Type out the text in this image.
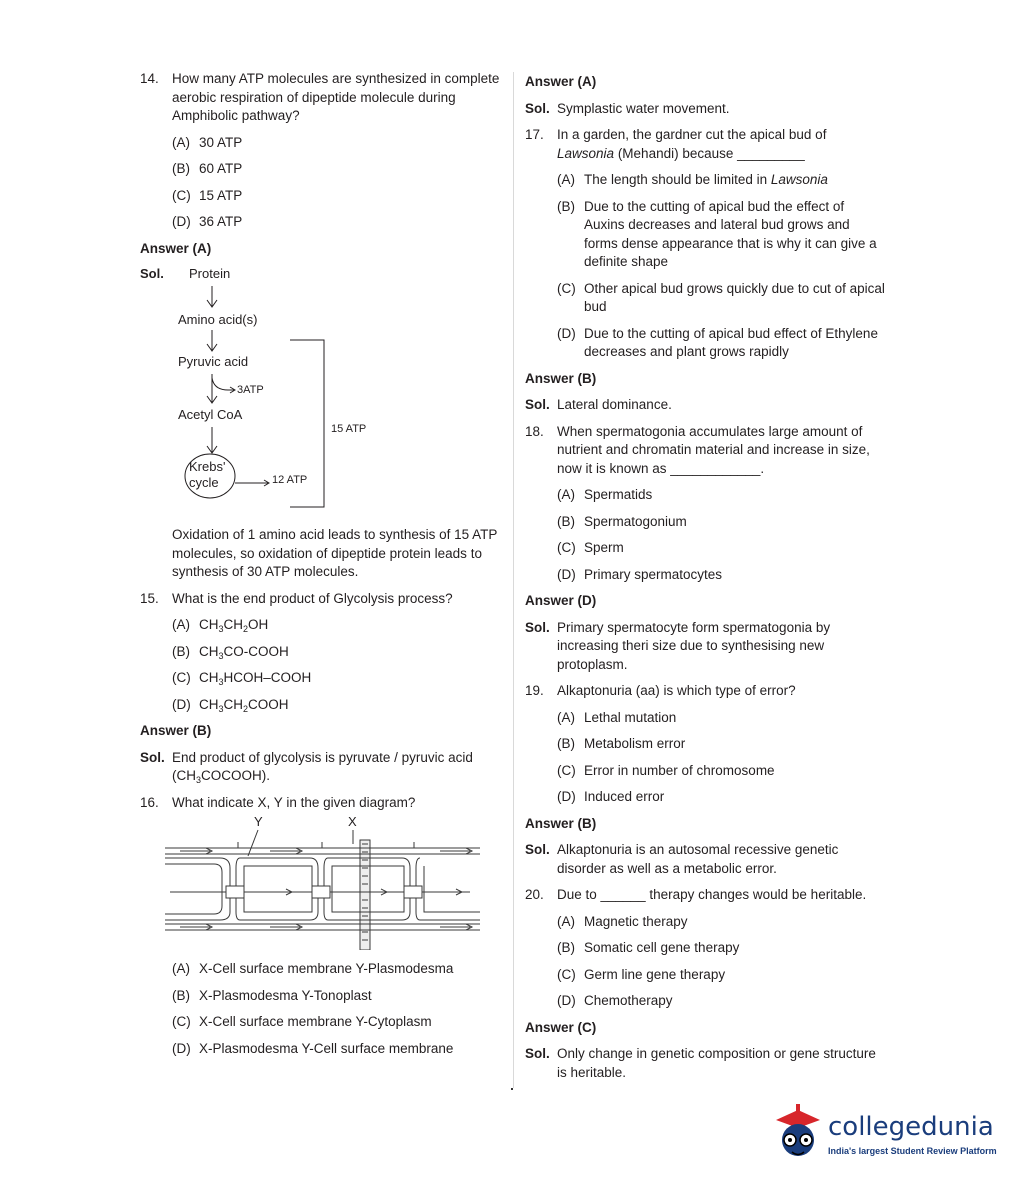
14. How many ATP molecules are synthesized in complete aerobic respiration of dipeptide molecule during Amphibolic pathway?
(A) 30 ATP
(B) 60 ATP
(C) 15 ATP
(D) 36 ATP
Answer (A)
Sol. Protein
Amino acid(s)
Pyruvic acid
3ATP
Acetyl CoA
15 ATP
Krebs'
cycle	12 ATP
Oxidation of 1 amino acid leads to synthesis of 15 ATP molecules, so oxidation of dipeptide protein leads to synthesis of 30 ATP molecules.
15. What is the end product of Glycolysis process?
(A) $CH_3CH_2OH$
(B) $CH_3CO$-COOH
(C) $CH_3HCOH$–COOH
(D) $CH_3CH_2COOH$
Answer (B)
Sol. End product of glycolysis is pyruvate / pyruvic acid
$(CH_3COCOOH)$.
16. What indicate X, Y in the given diagram?
Y	X
(A) X-Cell surface membrane Y-Plasmodesma
(B) X-Plasmodesma Y-Tonoplast
(C) X-Cell surface membrane Y-Cytoplasm
(D) X-Plasmodesma Y-Cell surface membrane
Answer (A)
Sol. Symplastic water movement.
17. In a garden, the gardner cut the apical bud of Lawsonia (Mehandi) because _________
(A) The length should be limited in Lawsonia
(B) Due to the cutting of apical bud the effect of Auxins decreases and lateral bud grows and forms dense appearance that is why it can give a definite shape
(C) Other apical bud grows quickly due to cut of apical bud
(D) Due to the cutting of apical bud effect of Ethylene decreases and plant grows rapidly
Answer (B)
Sol. Lateral dominance.
18. When spermatogonia accumulates large amount of nutrient and chromatin material and increase in size, now it is known as ____________.
(A) Spermatids
(B) Spermatogonium
(C) Sperm
(D) Primary spermatocytes
Answer (D)
Sol. Primary spermatocyte form spermatogonia by increasing theri size due to synthesising new protoplasm.
19. Alkaptonuria (aa) is which type of error?
(A) Lethal mutation
(B) Metabolism error
(C) Error in number of chromosome
(D) Induced error
Answer (B)
Sol. Alkaptonuria is an autosomal recessive genetic disorder as well as a metabolic error.
20. Due to ______ therapy changes would be heritable.
(A) Magnetic therapy
(B) Somatic cell gene therapy
(C) Germ line gene therapy
(D) Chemotherapy
Answer (C)
Sol. Only change in genetic composition or gene structure is heritable.
collegedunia
India's largest Student Review Platform
